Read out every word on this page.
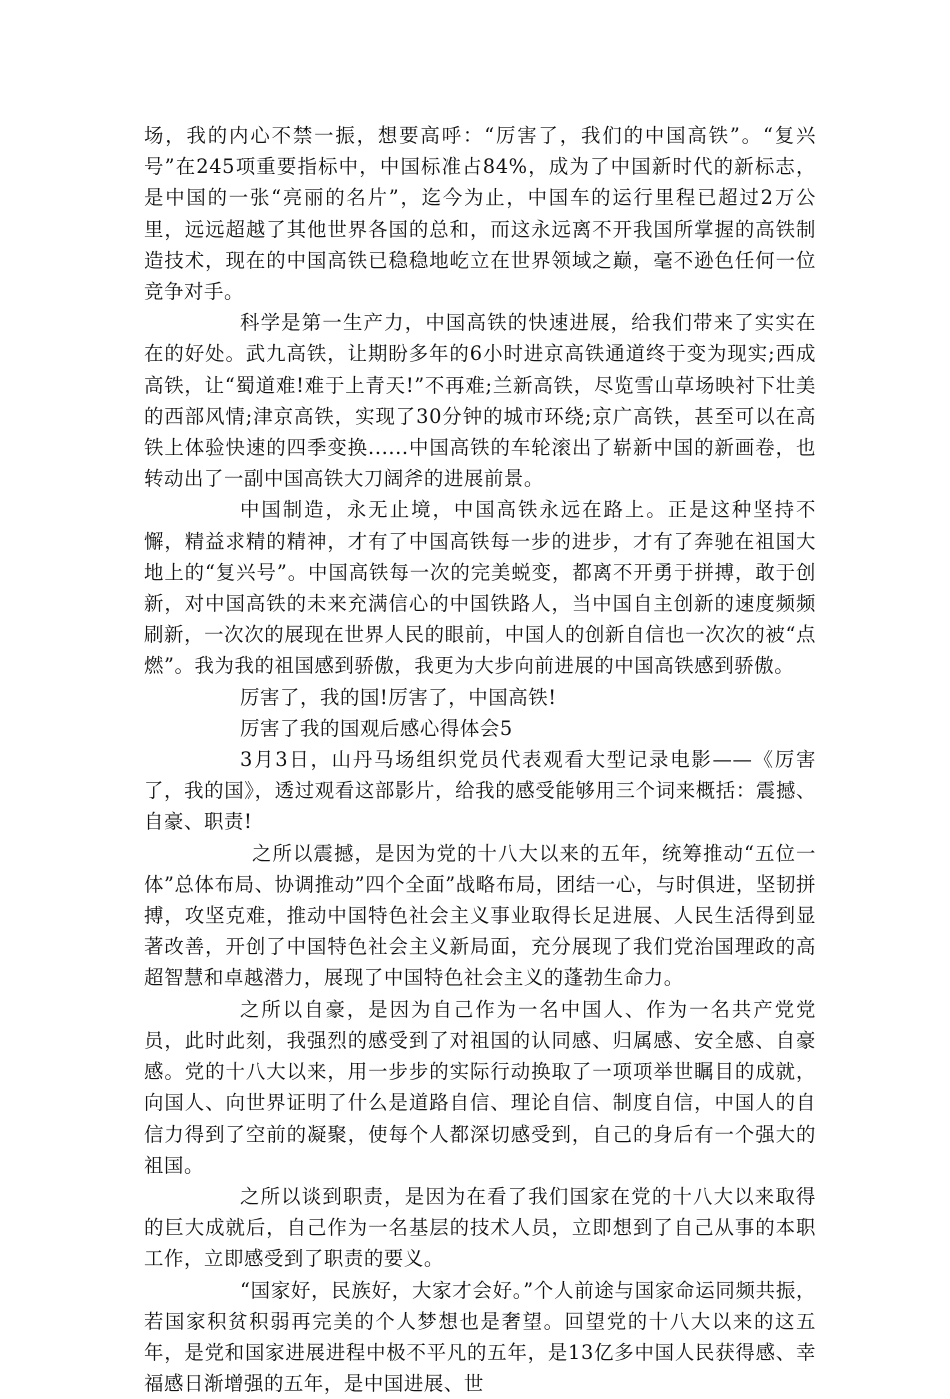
场，我的内心不禁一振，想要高呼：“厉害了，我们的中国高铁”。“复兴号”在245项重要指标中，中国标准占84%，成为了中国新时代的新标志，是中国的一张“亮丽的名片”，迄今为止，中国车的运行里程已超过2万公里，远远超越了其他世界各国的总和，而这永远离不开我国所掌握的高铁制造技术，现在的中国高铁已稳稳地屹立在世界领域之巅，毫不逊色任何一位竞争对手。

科学是第一生产力，中国高铁的快速进展，给我们带来了实实在在的好处。武九高铁，让期盼多年的6小时进京高铁通道终于变为现实;西成高铁，让“蜀道难!难于上青天!”不再难;兰新高铁，尽览雪山草场映衬下壮美的西部风情;津京高铁，实现了30分钟的城市环绕;京广高铁，甚至可以在高铁上体验快速的四季变换......中国高铁的车轮滚出了崭新中国的新画卷，也转动出了一副中国高铁大刀阔斧的进展前景。

中国制造，永无止境，中国高铁永远在路上。正是这种坚持不懈，精益求精的精神，才有了中国高铁每一步的进步，才有了奔驰在祖国大地上的“复兴号”。中国高铁每一次的完美蜕变，都离不开勇于拼搏，敢于创新，对中国高铁的未来充满信心的中国铁路人，当中国自主创新的速度频频刷新，一次次的展现在世界人民的眼前，中国人的创新自信也一次次的被“点燃”。我为我的祖国感到骄傲，我更为大步向前进展的中国高铁感到骄傲。

厉害了，我的国!厉害了，中国高铁!

厉害了我的国观后感心得体会5

3月3日，山丹马场组织党员代表观看大型记录电影——《厉害了，我的国》，透过观看这部影片，给我的感受能够用三个词来概括：震撼、自豪、职责!

之所以震撼，是因为党的十八大以来的五年，统筹推动“五位一体”总体布局、协调推动”四个全面”战略布局，团结一心，与时俱进，坚韧拼搏，攻坚克难，推动中国特色社会主义事业取得长足进展、人民生活得到显著改善，开创了中国特色社会主义新局面，充分展现了我们党治国理政的高超智慧和卓越潜力，展现了中国特色社会主义的蓬勃生命力。

之所以自豪，是因为自己作为一名中国人、作为一名共产党党员，此时此刻，我强烈的感受到了对祖国的认同感、归属感、安全感、自豪感。党的十八大以来，用一步步的实际行动换取了一项项举世瞩目的成就，向国人、向世界证明了什么是道路自信、理论自信、制度自信，中国人的自信力得到了空前的凝聚，使每个人都深切感受到，自己的身后有一个强大的祖国。

之所以谈到职责，是因为在看了我们国家在党的十八大以来取得的巨大成就后，自己作为一名基层的技术人员，立即想到了自己从事的本职工作，立即感受到了职责的要义。

“国家好，民族好，大家才会好。”个人前途与国家命运同频共振，若国家积贫积弱再完美的个人梦想也是奢望。回望党的十八大以来的这五年，是党和国家进展进程中极不平凡的五年，是13亿多中国人民获得感、幸福感日渐增强的五年，是中国进展、世
